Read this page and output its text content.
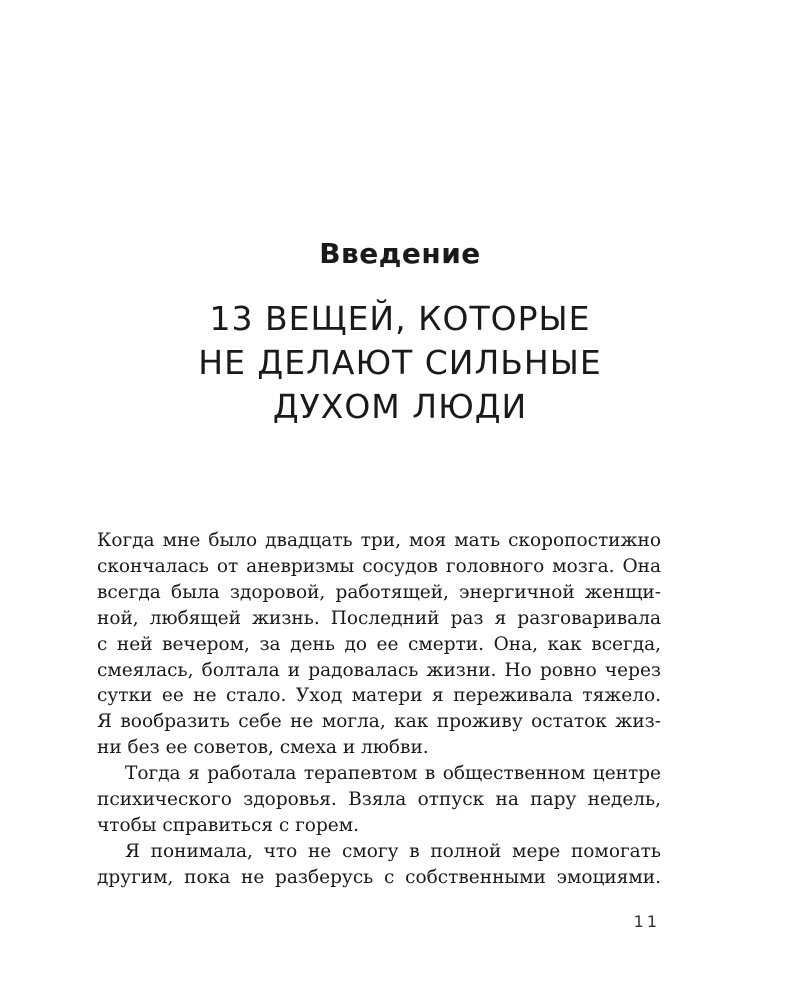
Введение
13 ВЕЩЕЙ, КОТОРЫЕ
НЕ ДЕЛАЮТ СИЛЬНЫЕ
ДУХОМ ЛЮДИ
Когда мне было двадцать три, моя мать скоропостижно
скончалась от аневризмы сосудов головного мозга. Она
всегда была здоровой, работящей, энергичной женщи-
ной, любящей жизнь. Последний раз я разговаривала
с ней вечером, за день до ее смерти. Она, как всегда,
смеялась, болтала и радовалась жизни. Но ровно через
сутки ее не стало. Уход матери я переживала тяжело.
Я вообразить себе не могла, как проживу остаток жиз-
ни без ее советов, смеха и любви.
Тогда я работала терапевтом в общественном центре
психического здоровья. Взяла отпуск на пару недель,
чтобы справиться с горем.
Я понимала, что не смогу в полной мере помогать
другим, пока не разберусь с собственными эмоциями.
11
